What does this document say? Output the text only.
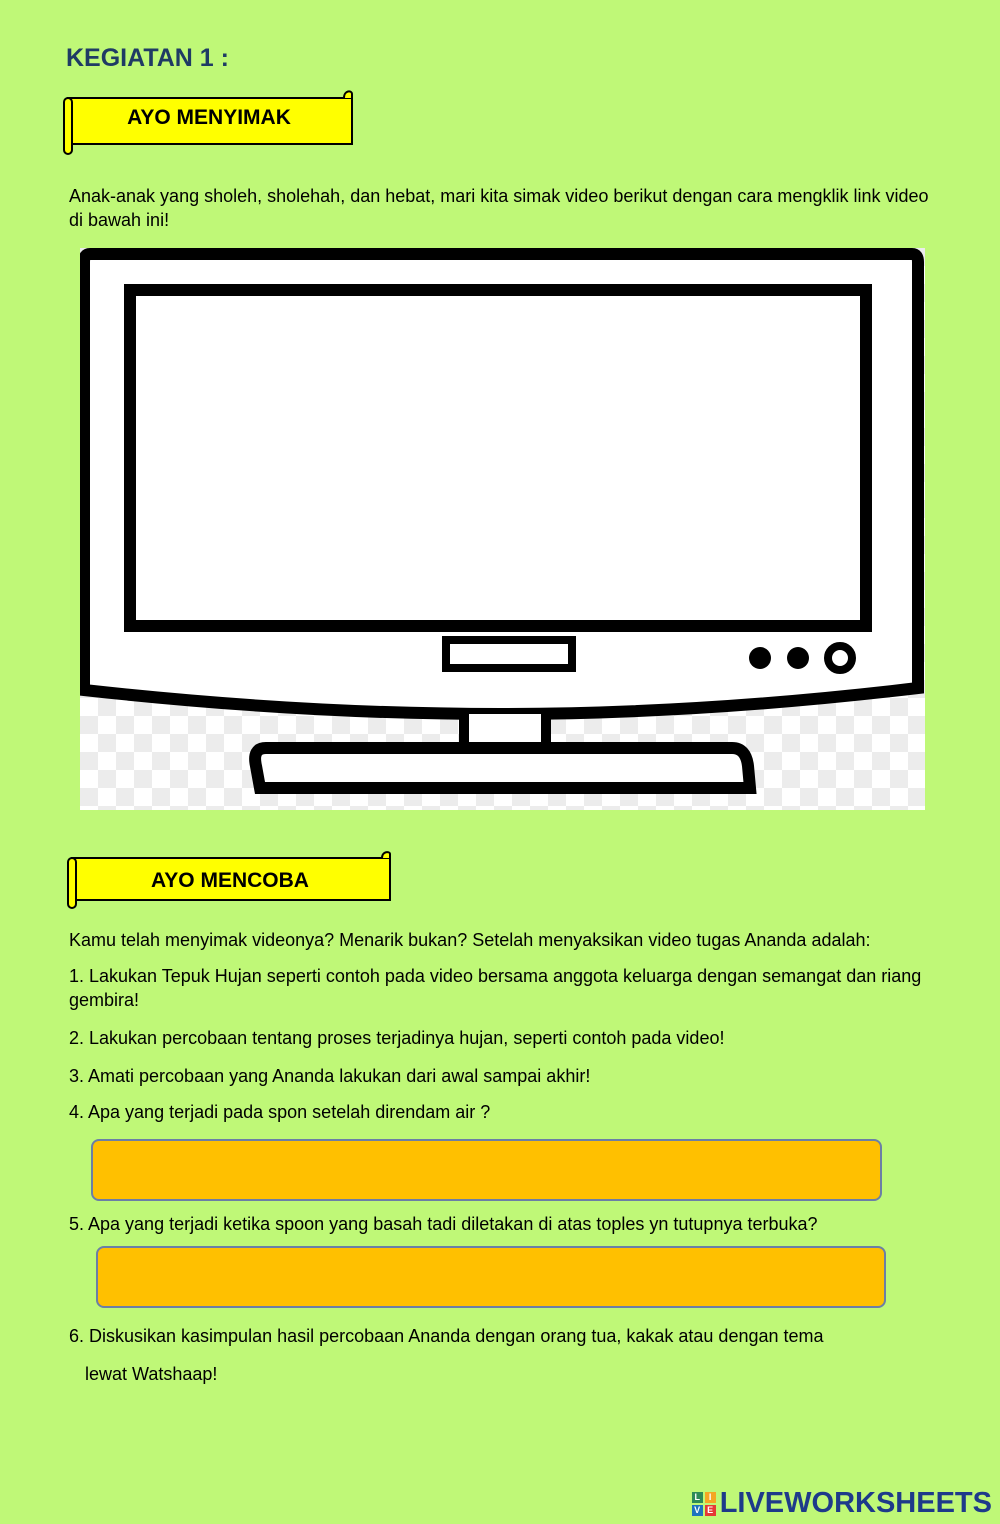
KEGIATAN 1 :
AYO MENYIMAK
Anak-anak yang sholeh, sholehah, dan hebat, mari kita simak video berikut dengan cara mengklik link video di bawah ini!
AYO MENCOBA
Kamu telah menyimak videonya? Menarik bukan? Setelah menyaksikan video tugas Ananda adalah:
1. Lakukan Tepuk Hujan seperti contoh pada video bersama anggota keluarga dengan semangat dan riang gembira!
2. Lakukan percobaan tentang proses terjadinya hujan, seperti contoh pada video!
3. Amati percobaan yang Ananda lakukan dari awal sampai akhir!
4. Apa yang terjadi pada spon setelah direndam air ?
5. Apa yang terjadi ketika spoon yang basah tadi diletakan di atas toples yn tutupnya terbuka?
6. Diskusikan kasimpulan hasil percobaan Ananda dengan orang tua, kakak atau dengan tema
lewat Watshaap!
L I
V E LIVEWORKSHEETS
